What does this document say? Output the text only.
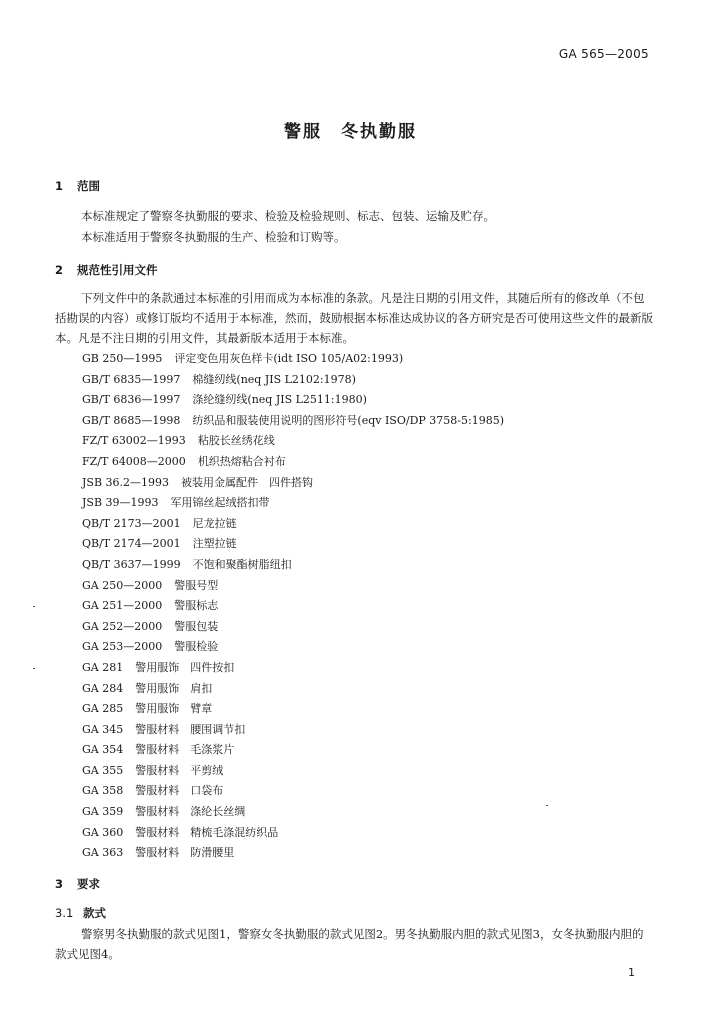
GA 565—2005
警服　冬执勤服
1 范围

本标准规定了警察冬执勤服的要求、检验及检验规则、标志、包装、运输及贮存。

本标准适用于警察冬执勤服的生产、检验和订购等。

2 规范性引用文件

下列文件中的条款通过本标准的引用而成为本标准的条款。凡是注日期的引用文件，其随后所有的修改单（不包括勘误的内容）或修订版均不适用于本标准，然而，鼓励根据本标准达成协议的各方研究是否可使用这些文件的最新版本。凡是不注日期的引用文件，其最新版本适用于本标准。

GB 250—1995 评定变色用灰色样卡(idt ISO 105/A02:1993)
GB/T 6835—1997 棉缝纫线(neq JIS L2102:1978)
GB/T 6836—1997 涤纶缝纫线(neq JIS L2511:1980)
GB/T 8685—1998 纺织品和服装使用说明的图形符号(eqv ISO/DP 3758-5:1985)
FZ/T 63002—1993 粘胶长丝绣花线
FZ/T 64008—2000 机织热熔粘合衬布
JSB 36.2—1993 被装用金属配件　四件搭钩
JSB 39—1993 军用锦丝起绒搭扣带
QB/T 2173—2001 尼龙拉链
QB/T 2174—2001 注塑拉链
QB/T 3637—1999 不饱和聚酯树脂纽扣
GA 250—2000 警服号型
GA 251—2000 警服标志
GA 252—2000 警服包装
GA 253—2000 警服检验
GA 281 警用服饰　四件按扣
GA 284 警用服饰　肩扣
GA 285 警用服饰　臂章
GA 345 警服材料　腰围调节扣
GA 354 警服材料　毛涤浆片
GA 355 警服材料　平剪绒
GA 358 警服材料　口袋布
GA 359 警服材料　涤纶长丝绸
GA 360 警服材料　精梳毛涤混纺织品
GA 363 警服材料　防滑腰里
3 要求
3.1 款式

警察男冬执勤服的款式见图1，警察女冬执勤服的款式见图2。男冬执勤服内胆的款式见图3，女冬执勤服内胆的款式见图4。

1
